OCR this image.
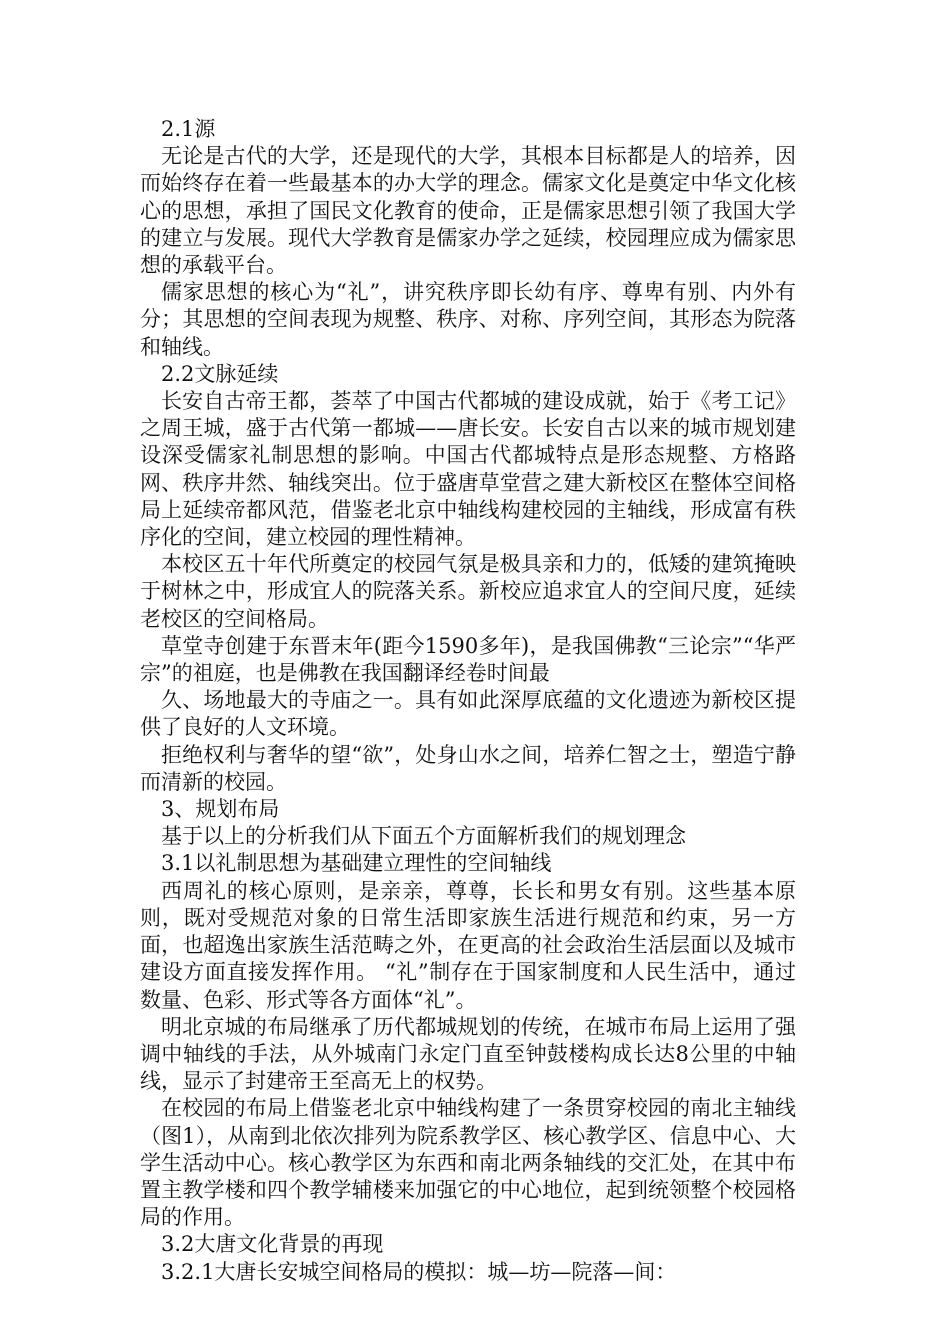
2.1源

无论是古代的大学，还是现代的大学，其根本目标都是人的培养，因而始终存在着一些最基本的办大学的理念。儒家文化是奠定中华文化核心的思想，承担了国民文化教育的使命，正是儒家思想引领了我国大学的建立与发展。现代大学教育是儒家办学之延续，校园理应成为儒家思想的承载平台。

儒家思想的核心为“礼”，讲究秩序即长幼有序、尊卑有别、内外有分；其思想的空间表现为规整、秩序、对称、序列空间，其形态为院落和轴线。

2.2文脉延续

长安自古帝王都，荟萃了中国古代都城的建设成就，始于《考工记》之周王城，盛于古代第一都城——唐长安。长安自古以来的城市规划建设深受儒家礼制思想的影响。中国古代都城特点是形态规整、方格路网、秩序井然、轴线突出。位于盛唐草堂营之建大新校区在整体空间格局上延续帝都风范，借鉴老北京中轴线构建校园的主轴线，形成富有秩序化的空间，建立校园的理性精神。

本校区五十年代所奠定的校园气氛是极具亲和力的，低矮的建筑掩映于树林之中，形成宜人的院落关系。新校应追求宜人的空间尺度，延续老校区的空间格局。

草堂寺创建于东晋末年(距今1590多年)，是我国佛教“三论宗”“华严宗”的祖庭，也是佛教在我国翻译经卷时间最

久、场地最大的寺庙之一。具有如此深厚底蕴的文化遗迹为新校区提供了良好的人文环境。

拒绝权利与奢华的望“欲”，处身山水之间，培养仁智之士，塑造宁静而清新的校园。

3、规划布局

基于以上的分析我们从下面五个方面解析我们的规划理念

3.1以礼制思想为基础建立理性的空间轴线

西周礼的核心原则，是亲亲，尊尊，长长和男女有别。这些基本原则，既对受规范对象的日常生活即家族生活进行规范和约束，另一方面，也超逸出家族生活范畴之外，在更高的社会政治生活层面以及城市建设方面直接发挥作用。 “礼”制存在于国家制度和人民生活中，通过数量、色彩、形式等各方面体“礼”。

明北京城的布局继承了历代都城规划的传统，在城市布局上运用了强调中轴线的手法，从外城南门永定门直至钟鼓楼构成长达8公里的中轴线，显示了封建帝王至高无上的权势。

在校园的布局上借鉴老北京中轴线构建了一条贯穿校园的南北主轴线（图1），从南到北依次排列为院系教学区、核心教学区、信息中心、大学生活动中心。核心教学区为东西和南北两条轴线的交汇处，在其中布置主教学楼和四个教学辅楼来加强它的中心地位，起到统领整个校园格局的作用。

3.2大唐文化背景的再现

3.2.1大唐长安城空间格局的模拟：城—坊—院落—间：
